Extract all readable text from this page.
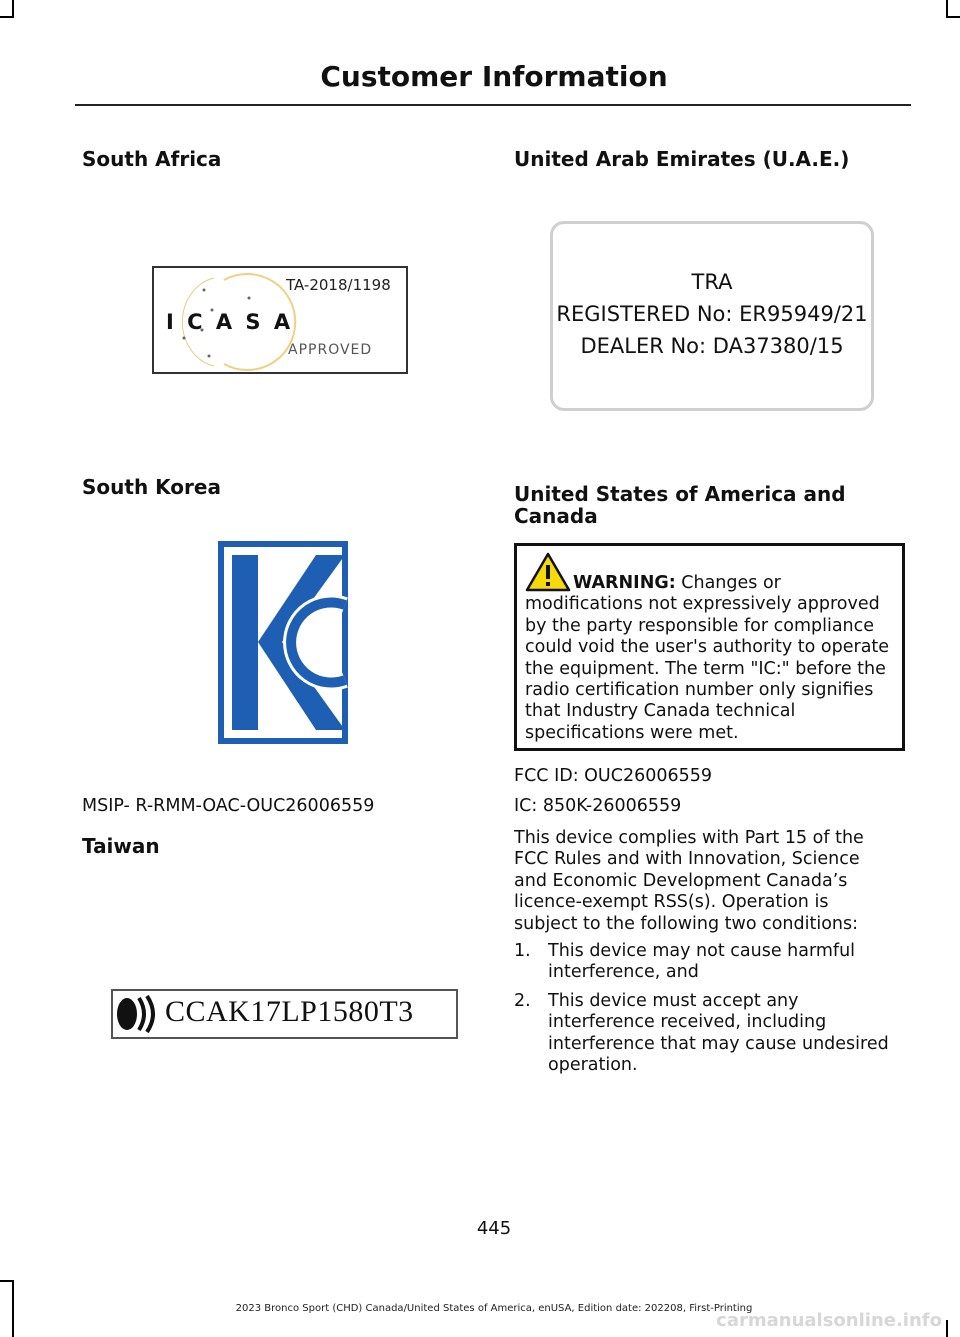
Customer Information
South Africa
TA-2018/1198
I C A S A
APPROVED
South Korea
MSIP- R-RMM-OAC-OUC26006559
Taiwan
CCAK17LP1580T3
United Arab Emirates (U.A.E.)
TRA
REGISTERED No: ER95949/21
DEALER No: DA37380/15
United States of America and Canada
WARNING: Changes or modifications not expressively approved by the party responsible for compliance could void the user's authority to operate the equipment. The term "IC:" before the radio certification number only signifies that Industry Canada technical specifications were met.
FCC ID: OUC26006559
IC: 850K-26006559
This device complies with Part 15 of the FCC Rules and with Innovation, Science and Economic Development Canada’s licence-exempt RSS(s). Operation is subject to the following two conditions:
1. This device may not cause harmful interference, and
2. This device must accept any interference received, including interference that may cause undesired operation.
445
2023 Bronco Sport (CHD) Canada/United States of America, enUSA, Edition date: 202208, First-Printing
carmanualsonline.info
